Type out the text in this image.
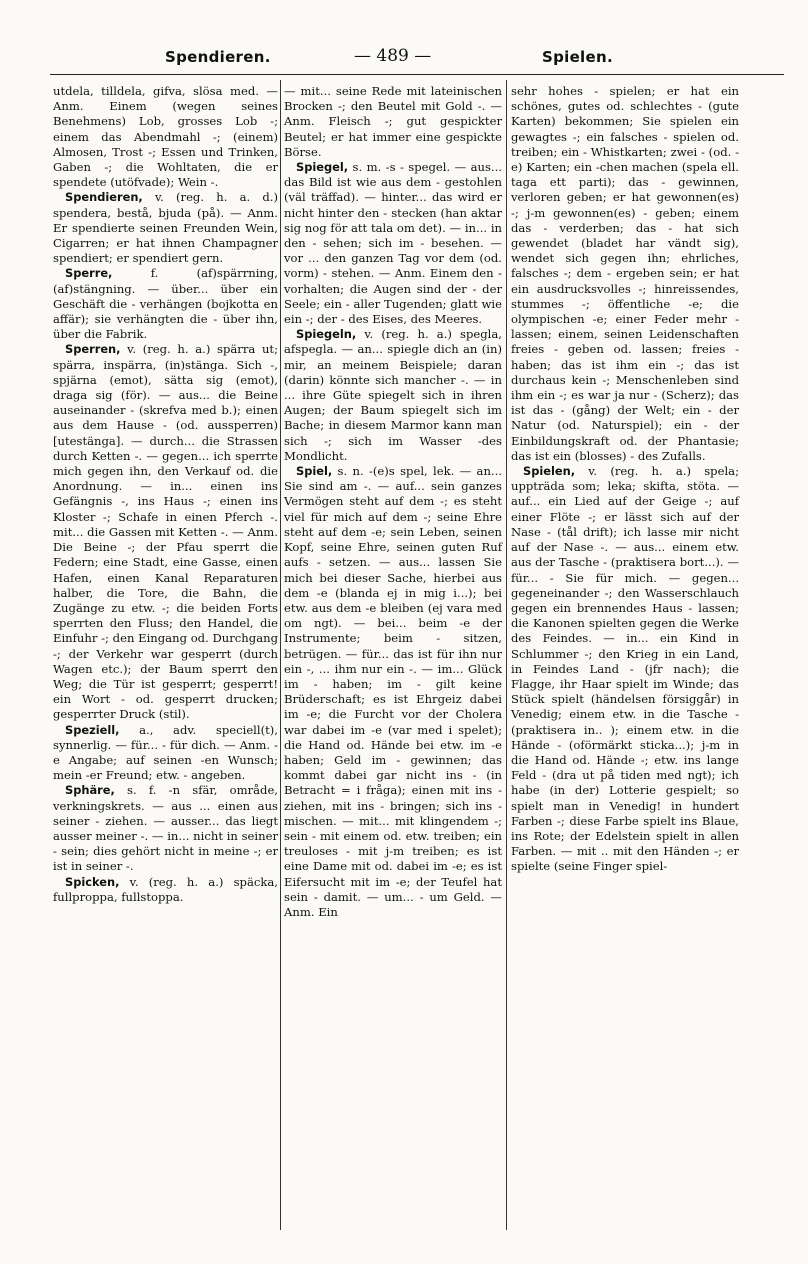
Spendieren.	— 489 —	Spielen.

utdela, tilldela, gifva, slösa med. — Anm. Einem (wegen seines Benehmens) Lob, grosses Lob -; einem das Abendmahl -; (einem) Almosen, Trost -; Essen und Trinken, Gaben -; die Wohltaten, die er spendete (utöfvade); Wein -.

Spendieren, v. (reg. h. a. d.) spendera, bestå, bjuda (på). — Anm. Er spendierte seinen Freunden Wein, Cigarren; er hat ihnen Champagner spendiert; er spendiert gern.

Sperre, f. (af)spärrning, (af)stängning. — über... über ein Geschäft die - verhängen (bojkotta en affär); sie verhängten die - über ihn, über die Fabrik.

Sperren, v. (reg. h. a.) spärra ut; spärra, inspärra, (in)stänga. Sich -, spjärna (emot), sätta sig (emot), draga sig (för). — aus... die Beine auseinander - (skrefva med b.); einen aus dem Hause - (od. aussperren) [utestänga]. — durch... die Strassen durch Ketten -. — gegen... ich sperrte mich gegen ihn, den Verkauf od. die Anordnung. — in... einen ins Gefängnis -, ins Haus -; einen ins Kloster -; Schafe in einen Pferch -. mit... die Gassen mit Ketten -. — Anm. Die Beine -; der Pfau sperrt die Federn; eine Stadt, eine Gasse, einen Hafen, einen Kanal Reparaturen halber, die Tore, die Bahn, die Zugänge zu etw. -; die beiden Forts sperrten den Fluss; den Handel, die Einfuhr -; den Eingang od. Durchgang -; der Verkehr war gesperrt (durch Wagen etc.); der Baum sperrt den Weg; die Tür ist gesperrt; gesperrt! ein Wort - od. gesperrt drucken; gesperrter Druck (stil).

Speziell, a., adv. speciell(t), synnerlig. — für... - für dich. — Anm. -e Angabe; auf seinen -en Wunsch; mein -er Freund; etw. - angeben.

Sphäre, s. f. -n sfär, område, verkningskrets. — aus ... einen aus seiner - ziehen. — ausser... das liegt ausser meiner -. — in... nicht in seiner - sein; dies gehört nicht in meine -; er ist in seiner -.

Spicken, v. (reg. h. a.) späcka, fullproppa, fullstoppa.

— mit... seine Rede mit lateinischen Brocken -; den Beutel mit Gold -. — Anm. Fleisch -; gut gespickter Beutel; er hat immer eine gespickte Börse.

Spiegel, s. m. -s - spegel. — aus... das Bild ist wie aus dem - gestohlen (väl träffad). — hinter... das wird er nicht hinter den - stecken (han aktar sig nog för att tala om det). — in... in den - sehen; sich im - besehen. — vor ... den ganzen Tag vor dem (od. vorm) - stehen. — Anm. Einem den - vorhalten; die Augen sind der - der Seele; ein - aller Tugenden; glatt wie ein -; der - des Eises, des Meeres.

Spiegeln, v. (reg. h. a.) spegla, afspegla. — an... spiegle dich an (in) mir, an meinem Beispiele; daran (darin) könnte sich mancher -. — in ... ihre Güte spiegelt sich in ihren Augen; der Baum spiegelt sich im Bache; in diesem Marmor kann man sich -; sich im Wasser -des Mondlicht.

Spiel, s. n. -(e)s spel, lek. — an... Sie sind am -. — auf... sein ganzes Vermögen steht auf dem -; es steht viel für mich auf dem -; seine Ehre steht auf dem -e; sein Leben, seinen Kopf, seine Ehre, seinen guten Ruf aufs - setzen. — aus... lassen Sie mich bei dieser Sache, hierbei aus dem -e (blanda ej in mig i...); bei etw. aus dem -e bleiben (ej vara med om ngt). — bei... beim -e der Instrumente; beim - sitzen, betrügen. — für... das ist für ihn nur ein -, ... ihm nur ein -. — im... Glück im - haben; im - gilt keine Brüderschaft; es ist Ehrgeiz dabei im -e; die Furcht vor der Cholera war dabei im -e (var med i spelet); die Hand od. Hände bei etw. im -e haben; Geld im - gewinnen; das kommt dabei gar nicht ins - (in Betracht = i fråga); einen mit ins - ziehen, mit ins - bringen; sich ins - mischen. — mit... mit klingendem -; sein - mit einem od. etw. treiben; ein treuloses - mit j-m treiben; es ist eine Dame mit od. dabei im -e; es ist Eifersucht mit im -e; der Teufel hat sein - damit. — um... - um Geld. — Anm. Ein

sehr hohes - spielen; er hat ein schönes, gutes od. schlechtes - (gute Karten) bekommen; Sie spielen ein gewagtes -; ein falsches - spielen od. treiben; ein - Whistkarten; zwei - (od. -e) Karten; ein -chen machen (spela ell. taga ett parti); das - gewinnen, verloren geben; er hat gewonnen(es) -; j-m gewonnen(es) - geben; einem das - verderben; das - hat sich gewendet (bladet har vändt sig), wendet sich gegen ihn; ehrliches, falsches -; dem - ergeben sein; er hat ein ausdrucksvolles -; hinreissendes, stummes -; öffentliche -e; die olympischen -e; einer Feder mehr - lassen; einem, seinen Leidenschaften freies - geben od. lassen; freies - haben; das ist ihm ein -; das ist durchaus kein -; Menschenleben sind ihm ein -; es war ja nur - (Scherz); das ist das - (gång) der Welt; ein - der Natur (od. Naturspiel); ein - der Einbildungskraft od. der Phantasie; das ist ein (blosses) - des Zufalls.

Spielen, v. (reg. h. a.) spela; uppträda som; leka; skifta, stöta. — auf... ein Lied auf der Geige -; auf einer Flöte -; er lässt sich auf der Nase - (tål drift); ich lasse mir nicht auf der Nase -. — aus... einem etw. aus der Tasche - (praktisera bort...). — für... - Sie für mich. — gegen... gegeneinander -; den Wasserschlauch gegen ein brennendes Haus - lassen; die Kanonen spielten gegen die Werke des Feindes. — in... ein Kind in Schlummer -; den Krieg in ein Land, in Feindes Land - (jfr nach); die Flagge, ihr Haar spielt im Winde; das Stück spielt (händelsen försiggår) in Venedig; einem etw. in die Tasche - (praktisera in.. ); einem etw. in die Hände - (oförmärkt sticka...); j-m in die Hand od. Hände -; etw. ins lange Feld - (dra ut på tiden med ngt); ich habe (in der) Lotterie gespielt; so spielt man in Venedig! in hundert Farben -; diese Farbe spielt ins Blaue, ins Rote; der Edelstein spielt in allen Farben. — mit .. mit den Händen -; er spielte (seine Finger spiel-
